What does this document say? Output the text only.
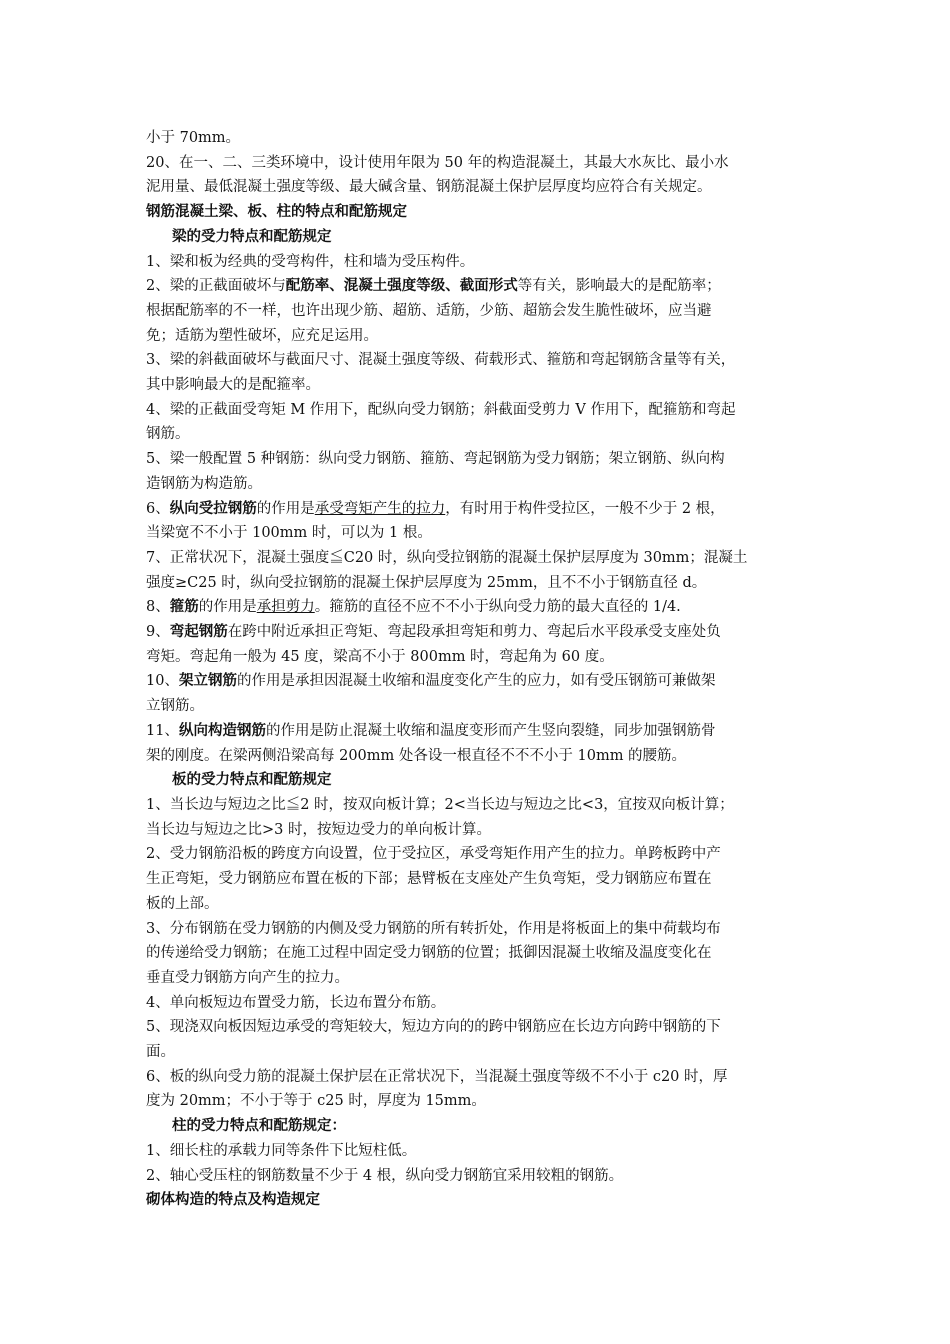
小于 70mm。
20、在一、二、三类环境中，设计使用年限为 50 年的构造混凝土，其最大水灰比、最小水
泥用量、最低混凝土强度等级、最大碱含量、钢筋混凝土保护层厚度均应符合有关规定。
钢筋混凝土梁、板、柱的特点和配筋规定
梁的受力特点和配筋规定
1、梁和板为经典的受弯构件，柱和墙为受压构件。
2、梁的正截面破坏与配筋率、混凝土强度等级、截面形式等有关，影响最大的是配筋率；
根据配筋率的不一样，也许出现少筋、超筋、适筋，少筋、超筋会发生脆性破坏，应当避
免；适筋为塑性破坏，应充足运用。
3、梁的斜截面破坏与截面尺寸、混凝土强度等级、荷载形式、箍筋和弯起钢筋含量等有关，
其中影响最大的是配箍率。
4、梁的正截面受弯矩 M 作用下，配纵向受力钢筋；斜截面受剪力 V 作用下，配箍筋和弯起
钢筋。
5、梁一般配置 5 种钢筋：纵向受力钢筋、箍筋、弯起钢筋为受力钢筋；架立钢筋、纵向构
造钢筋为构造筋。
6、纵向受拉钢筋的作用是承受弯矩产生的拉力，有时用于构件受拉区，一般不少于 2 根，
当梁宽不不小于 100mm 时，可以为 1 根。
7、正常状况下，混凝土强度≦C20 时，纵向受拉钢筋的混凝土保护层厚度为 30mm；混凝土
强度≥C25 时，纵向受拉钢筋的混凝土保护层厚度为 25mm，且不不小于钢筋直径 d。
8、箍筋的作用是承担剪力。箍筋的直径不应不不小于纵向受力筋的最大直径的 1/4.
9、弯起钢筋在跨中附近承担正弯矩、弯起段承担弯矩和剪力、弯起后水平段承受支座处负
弯矩。弯起角一般为 45 度，梁高不小于 800mm 时，弯起角为 60 度。
10、架立钢筋的作用是承担因混凝土收缩和温度变化产生的应力，如有受压钢筋可兼做架
立钢筋。
11、纵向构造钢筋的作用是防止混凝土收缩和温度变形而产生竖向裂缝，同步加强钢筋骨
架的刚度。在梁两侧沿梁高每 200mm 处各设一根直径不不不小于 10mm 的腰筋。
板的受力特点和配筋规定
1、当长边与短边之比≦2 时，按双向板计算；2<当长边与短边之比<3，宜按双向板计算；
当长边与短边之比>3 时，按短边受力的单向板计算。
2、受力钢筋沿板的跨度方向设置，位于受拉区，承受弯矩作用产生的拉力。单跨板跨中产
生正弯矩，受力钢筋应布置在板的下部；悬臂板在支座处产生负弯矩，受力钢筋应布置在
板的上部。
3、分布钢筋在受力钢筋的内侧及受力钢筋的所有转折处，作用是将板面上的集中荷载均布
的传递给受力钢筋；在施工过程中固定受力钢筋的位置；抵御因混凝土收缩及温度变化在
垂直受力钢筋方向产生的拉力。
4、单向板短边布置受力筋，长边布置分布筋。
5、现浇双向板因短边承受的弯矩较大，短边方向的的跨中钢筋应在长边方向跨中钢筋的下
面。
6、板的纵向受力筋的混凝土保护层在正常状况下，当混凝土强度等级不不小于 c20 时，厚
度为 20mm；不小于等于 c25 时，厚度为 15mm。
柱的受力特点和配筋规定：
1、细长柱的承载力同等条件下比短柱低。
2、轴心受压柱的钢筋数量不少于 4 根，纵向受力钢筋宜采用较粗的钢筋。
砌体构造的特点及构造规定
